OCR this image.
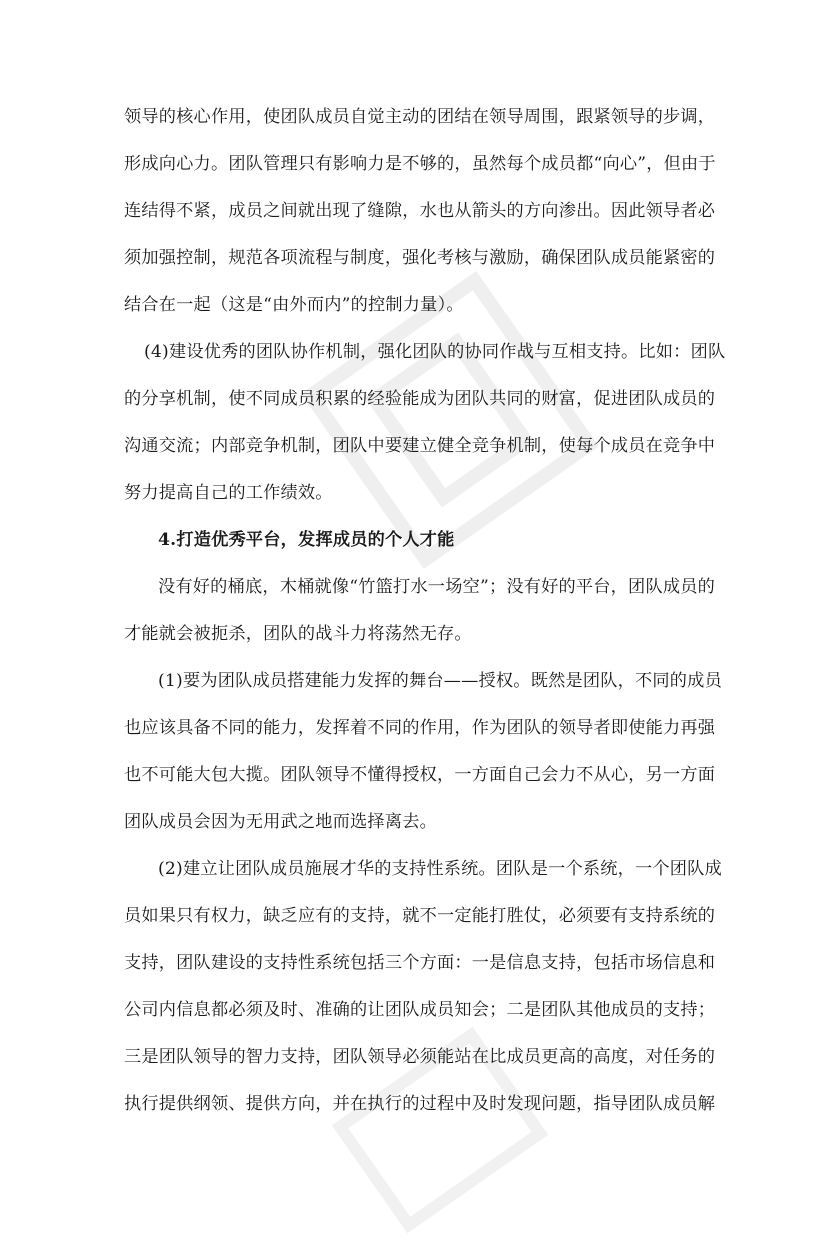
领导的核心作用，使团队成员自觉主动的团结在领导周围，跟紧领导的步调，
形成向心力。团队管理只有影响力是不够的，虽然每个成员都“向心”，但由于
连结得不紧，成员之间就出现了缝隙，水也从箭头的方向渗出。因此领导者必
须加强控制，规范各项流程与制度，强化考核与激励，确保团队成员能紧密的
结合在一起（这是“由外而内”的控制力量）。
(4)建设优秀的团队协作机制，强化团队的协同作战与互相支持。比如：团队
的分享机制，使不同成员积累的经验能成为团队共同的财富，促进团队成员的
沟通交流；内部竞争机制，团队中要建立健全竞争机制，使每个成员在竞争中
努力提高自己的工作绩效。
4.打造优秀平台，发挥成员的个人才能
没有好的桶底，木桶就像“竹篮打水一场空”；没有好的平台，团队成员的
才能就会被扼杀，团队的战斗力将荡然无存。
(1)要为团队成员搭建能力发挥的舞台——授权。既然是团队，不同的成员
也应该具备不同的能力，发挥着不同的作用，作为团队的领导者即使能力再强
也不可能大包大揽。团队领导不懂得授权，一方面自己会力不从心，另一方面
团队成员会因为无用武之地而选择离去。
(2)建立让团队成员施展才华的支持性系统。团队是一个系统，一个团队成
员如果只有权力，缺乏应有的支持，就不一定能打胜仗，必须要有支持系统的
支持，团队建设的支持性系统包括三个方面：一是信息支持，包括市场信息和
公司内信息都必须及时、准确的让团队成员知会；二是团队其他成员的支持；
三是团队领导的智力支持，团队领导必须能站在比成员更高的高度，对任务的
执行提供纲领、提供方向，并在执行的过程中及时发现问题，指导团队成员解
